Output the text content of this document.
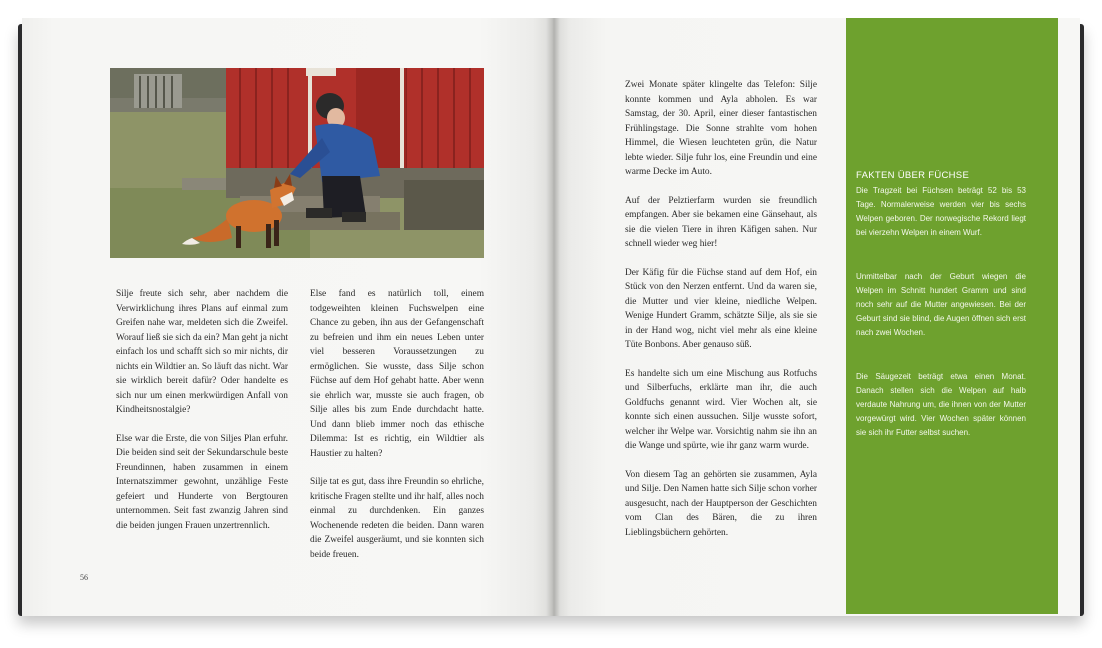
Silje freute sich sehr, aber nachdem die Verwirklichung ihres Plans auf einmal zum Greifen nahe war, meldeten sich die Zweifel. Worauf ließ sie sich da ein? Man geht ja nicht einfach los und schafft sich so mir nichts, dir nichts ein Wildtier an. So läuft das nicht. War sie wirklich bereit dafür? Oder handelte es sich nur um einen merkwürdigen Anfall von Kindheitsnostalgie?

Else war die Erste, die von Siljes Plan erfuhr. Die beiden sind seit der Sekundarschule beste Freundinnen, haben zusammen in einem Internatszimmer gewohnt, unzählige Feste gefeiert und Hunderte von Bergtouren unternommen. Seit fast zwanzig Jahren sind die beiden jungen Frauen unzertrennlich.

Else fand es natürlich toll, einem todgeweihten kleinen Fuchswelpen eine Chance zu geben, ihn aus der Gefangenschaft zu befreien und ihm ein neues Leben unter viel besseren Voraussetzungen zu ermöglichen. Sie wusste, dass Silje schon Füchse auf dem Hof gehabt hatte. Aber wenn sie ehrlich war, musste sie auch fragen, ob Silje alles bis zum Ende durchdacht hatte. Und dann blieb immer noch das ethische Dilemma: Ist es richtig, ein Wildtier als Haustier zu halten?

Silje tat es gut, dass ihre Freundin so ehrliche, kritische Fragen stellte und ihr half, alles noch einmal zu durchdenken. Ein ganzes Wochenende redeten die beiden. Dann waren die Zweifel ausgeräumt, und sie konnten sich beide freuen.

56

Zwei Monate später klingelte das Telefon: Silje konnte kommen und Ayla abholen. Es war Samstag, der 30. April, einer dieser fantastischen Frühlingstage. Die Sonne strahlte vom hohen Himmel, die Wiesen leuchteten grün, die Natur lebte wieder. Silje fuhr los, eine Freundin und eine warme Decke im Auto.

Auf der Pelztierfarm wurden sie freundlich empfangen. Aber sie bekamen eine Gänsehaut, als sie die vielen Tiere in ihren Käfigen sahen. Nur schnell wieder weg hier!

Der Käfig für die Füchse stand auf dem Hof, ein Stück von den Nerzen entfernt. Und da waren sie, die Mutter und vier kleine, niedliche Welpen. Wenige Hundert Gramm, schätzte Silje, als sie sie in der Hand wog, nicht viel mehr als eine kleine Tüte Bonbons. Aber genauso süß.

Es handelte sich um eine Mischung aus Rotfuchs und Silberfuchs, erklärte man ihr, die auch Goldfuchs genannt wird. Vier Wochen alt, sie konnte sich einen aussuchen. Silje wusste sofort, welcher ihr Welpe war. Vorsichtig nahm sie ihn an die Wange und spürte, wie ihr ganz warm wurde.

Von diesem Tag an gehörten sie zusammen, Ayla und Silje. Den Namen hatte sich Silje schon vorher ausgesucht, nach der Hauptperson der Geschichten vom Clan des Bären, die zu ihren Lieblingsbüchern gehörten.

FAKTEN ÜBER FÜCHSE

Die Tragzeit bei Füchsen beträgt 52 bis 53 Tage. Normalerweise werden vier bis sechs Welpen geboren. Der norwegische Rekord liegt bei vierzehn Welpen in einem Wurf.

Unmittelbar nach der Geburt wiegen die Welpen im Schnitt hundert Gramm und sind noch sehr auf die Mutter angewiesen. Bei der Geburt sind sie blind, die Augen öffnen sich erst nach zwei Wochen.

Die Säugezeit beträgt etwa einen Monat. Danach stellen sich die Welpen auf halb verdaute Nahrung um, die ihnen von der Mutter vorgewürgt wird. Vier Wochen später können sie sich ihr Futter selbst suchen.
